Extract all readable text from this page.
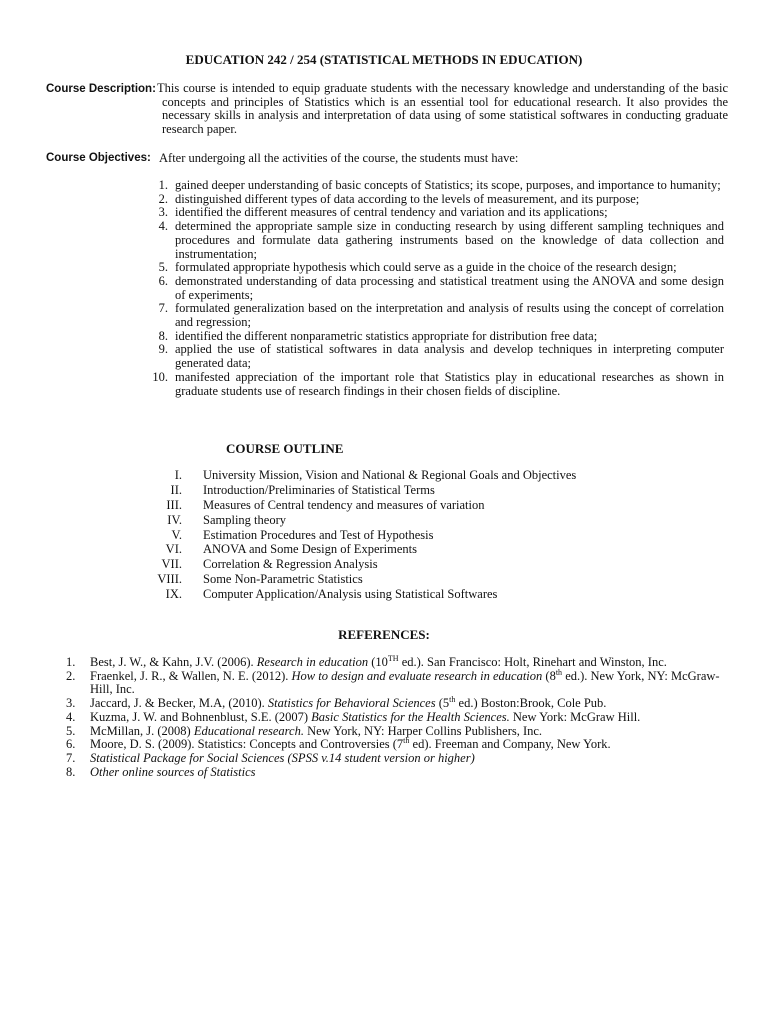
EDUCATION 242 / 254 (STATISTICAL METHODS IN EDUCATION)
Course Description: This course is intended to equip graduate students with the necessary knowledge and understanding of the basic concepts and principles of Statistics which is an essential tool for educational research. It also provides the necessary skills in analysis and interpretation of data using of some statistical softwares in conducting graduate research paper.
Course Objectives: After undergoing all the activities of the course, the students must have:
1. gained deeper understanding of basic concepts of Statistics; its scope, purposes, and importance to humanity;
2. distinguished different types of data according to the levels of measurement, and its purpose;
3. identified the different measures of central tendency and variation and its applications;
4. determined the appropriate sample size in conducting research by using different sampling techniques and procedures and formulate data gathering instruments based on the knowledge of data collection and instrumentation;
5. formulated appropriate hypothesis which could serve as a guide in the choice of the research design;
6. demonstrated understanding of data processing and statistical treatment using the ANOVA and some design of experiments;
7. formulated generalization based on the interpretation and analysis of results using the concept of correlation and regression;
8. identified the different nonparametric statistics appropriate for distribution free data;
9. applied the use of statistical softwares in data analysis and develop techniques in interpreting computer generated data;
10. manifested appreciation of the important role that Statistics play in educational researches as shown in graduate students use of research findings in their chosen fields of discipline.
COURSE OUTLINE
I. University Mission, Vision and National & Regional Goals and Objectives
II. Introduction/Preliminaries of Statistical Terms
III. Measures of Central tendency and measures of variation
IV. Sampling theory
V. Estimation Procedures and Test of Hypothesis
VI. ANOVA and Some Design of Experiments
VII. Correlation & Regression Analysis
VIII. Some Non-Parametric Statistics
IX. Computer Application/Analysis using Statistical Softwares
REFERENCES:
1. Best, J. W., & Kahn, J.V. (2006). Research in education (10TH ed.). San Francisco: Holt, Rinehart and Winston, Inc.
2. Fraenkel, J. R., & Wallen, N. E. (2012). How to design and evaluate research in education (8th ed.). New York, NY: McGraw-Hill, Inc.
3. Jaccard, J. & Becker, M.A, (2010). Statistics for Behavioral Sciences (5th ed.) Boston:Brook, Cole Pub.
4. Kuzma, J. W. and Bohnenblust, S.E. (2007) Basic Statistics for the Health Sciences. New York: McGraw Hill.
5. McMillan, J. (2008) Educational research. New York, NY: Harper Collins Publishers, Inc.
6. Moore, D. S. (2009). Statistics: Concepts and Controversies (7th ed). Freeman and Company, New York.
7. Statistical Package for Social Sciences (SPSS v.14 student version or higher)
8. Other online sources of Statistics
